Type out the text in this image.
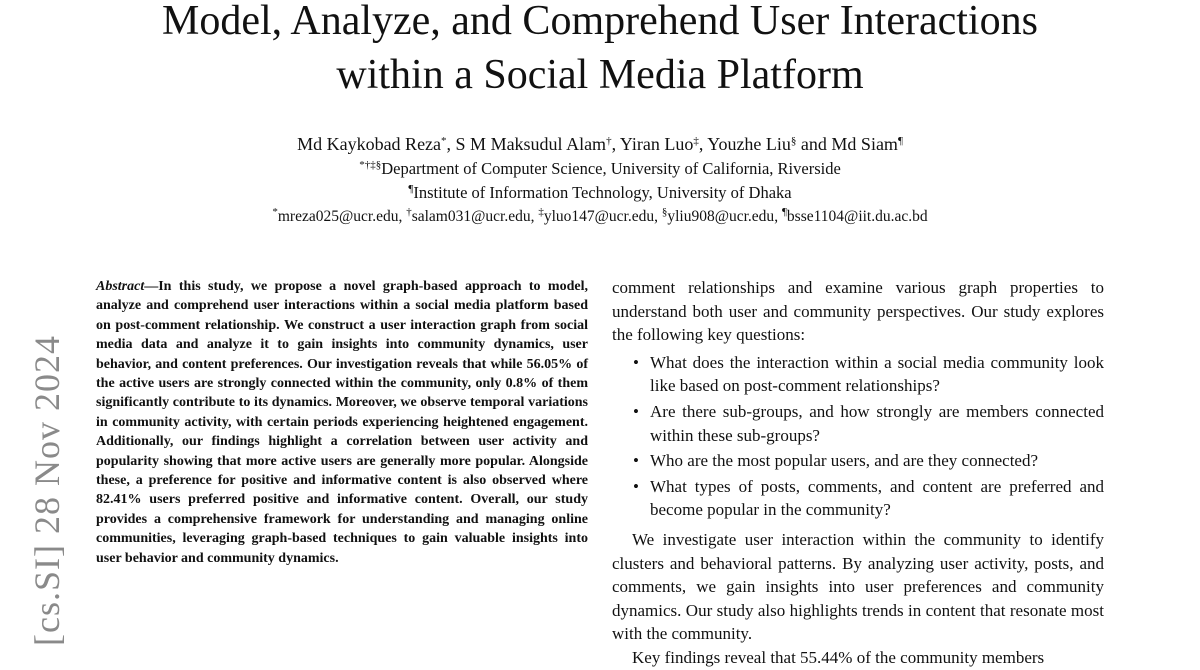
Model, Analyze, and Comprehend User Interactions
within a Social Media Platform
Md Kaykobad Reza*, S M Maksudul Alam†, Yiran Luo‡, Youzhe Liu§ and Md Siam¶
*†‡§Department of Computer Science, University of California, Riverside
¶Institute of Information Technology, University of Dhaka
*mreza025@ucr.edu, †salam031@ucr.edu, ‡yluo147@ucr.edu, §yliu908@ucr.edu, ¶bsse1104@iit.du.ac.bd
[cs.SI] 28 Nov 2024

Abstract—In this study, we propose a novel graph-based approach to model, analyze and comprehend user interactions within a social media platform based on post-comment relationship. We construct a user interaction graph from social media data and analyze it to gain insights into community dynamics, user behavior, and content preferences. Our investigation reveals that while 56.05% of the active users are strongly connected within the community, only 0.8% of them significantly contribute to its dynamics. Moreover, we observe temporal variations in community activity, with certain periods experiencing heightened engagement. Additionally, our findings highlight a correlation between user activity and popularity showing that more active users are generally more popular. Alongside these, a preference for positive and informative content is also observed where 82.41% users preferred positive and informative content. Overall, our study provides a comprehensive framework for understanding and managing online communities, leveraging graph-based techniques to gain valuable insights into user behavior and community dynamics.

comment relationships and examine various graph properties to understand both user and community perspectives. Our study explores the following key questions:

• What does the interaction within a social media community look like based on post-comment relationships?
• Are there sub-groups, and how strongly are members connected within these sub-groups?
• Who are the most popular users, and are they connected?
• What types of posts, comments, and content are preferred and become popular in the community?

We investigate user interaction within the community to identify clusters and behavioral patterns. By analyzing user activity, posts, and comments, we gain insights into user preferences and community dynamics. Our study also highlights trends in content that resonate most with the community.

Key findings reveal that 55.44% of the community members
